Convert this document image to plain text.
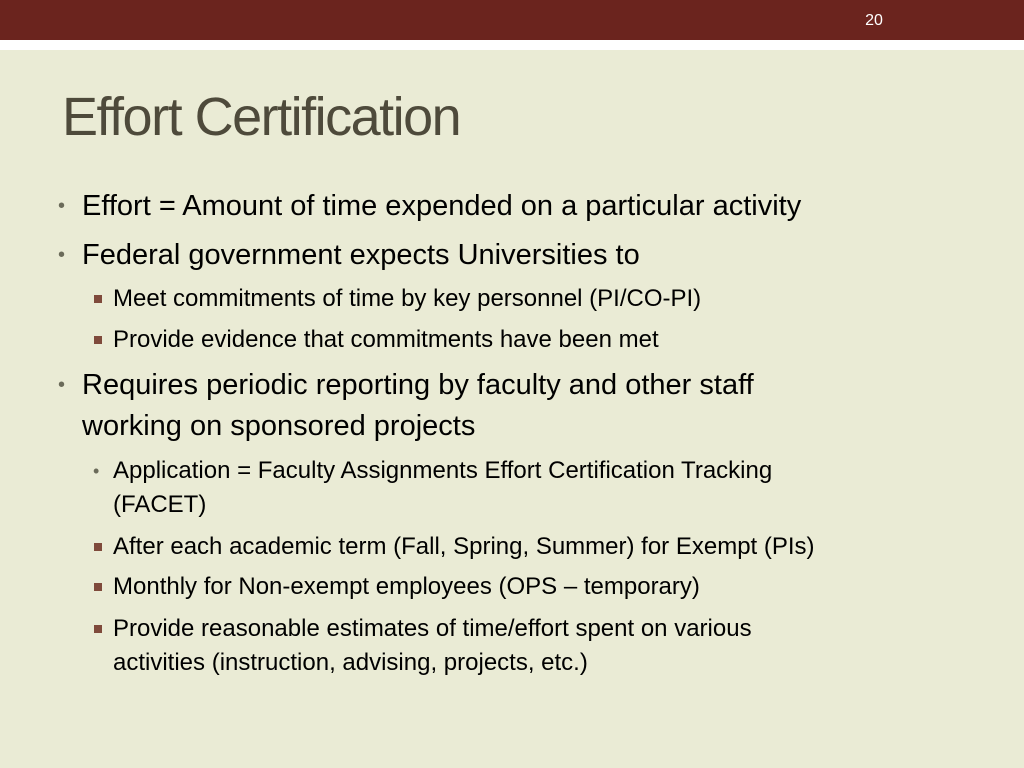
20
Effort Certification
• Effort = Amount of time expended on a particular activity
• Federal government expects Universities to
Meet commitments of time by key personnel (PI/CO-PI)
Provide evidence that commitments have been met
• Requires periodic reporting by faculty and other staff
working on sponsored projects
• Application = Faculty Assignments Effort Certification Tracking
(FACET)
After each academic term (Fall, Spring, Summer) for Exempt (PIs)
Monthly for Non-exempt employees (OPS – temporary)
Provide reasonable estimates of time/effort spent on various
activities (instruction, advising, projects, etc.)
